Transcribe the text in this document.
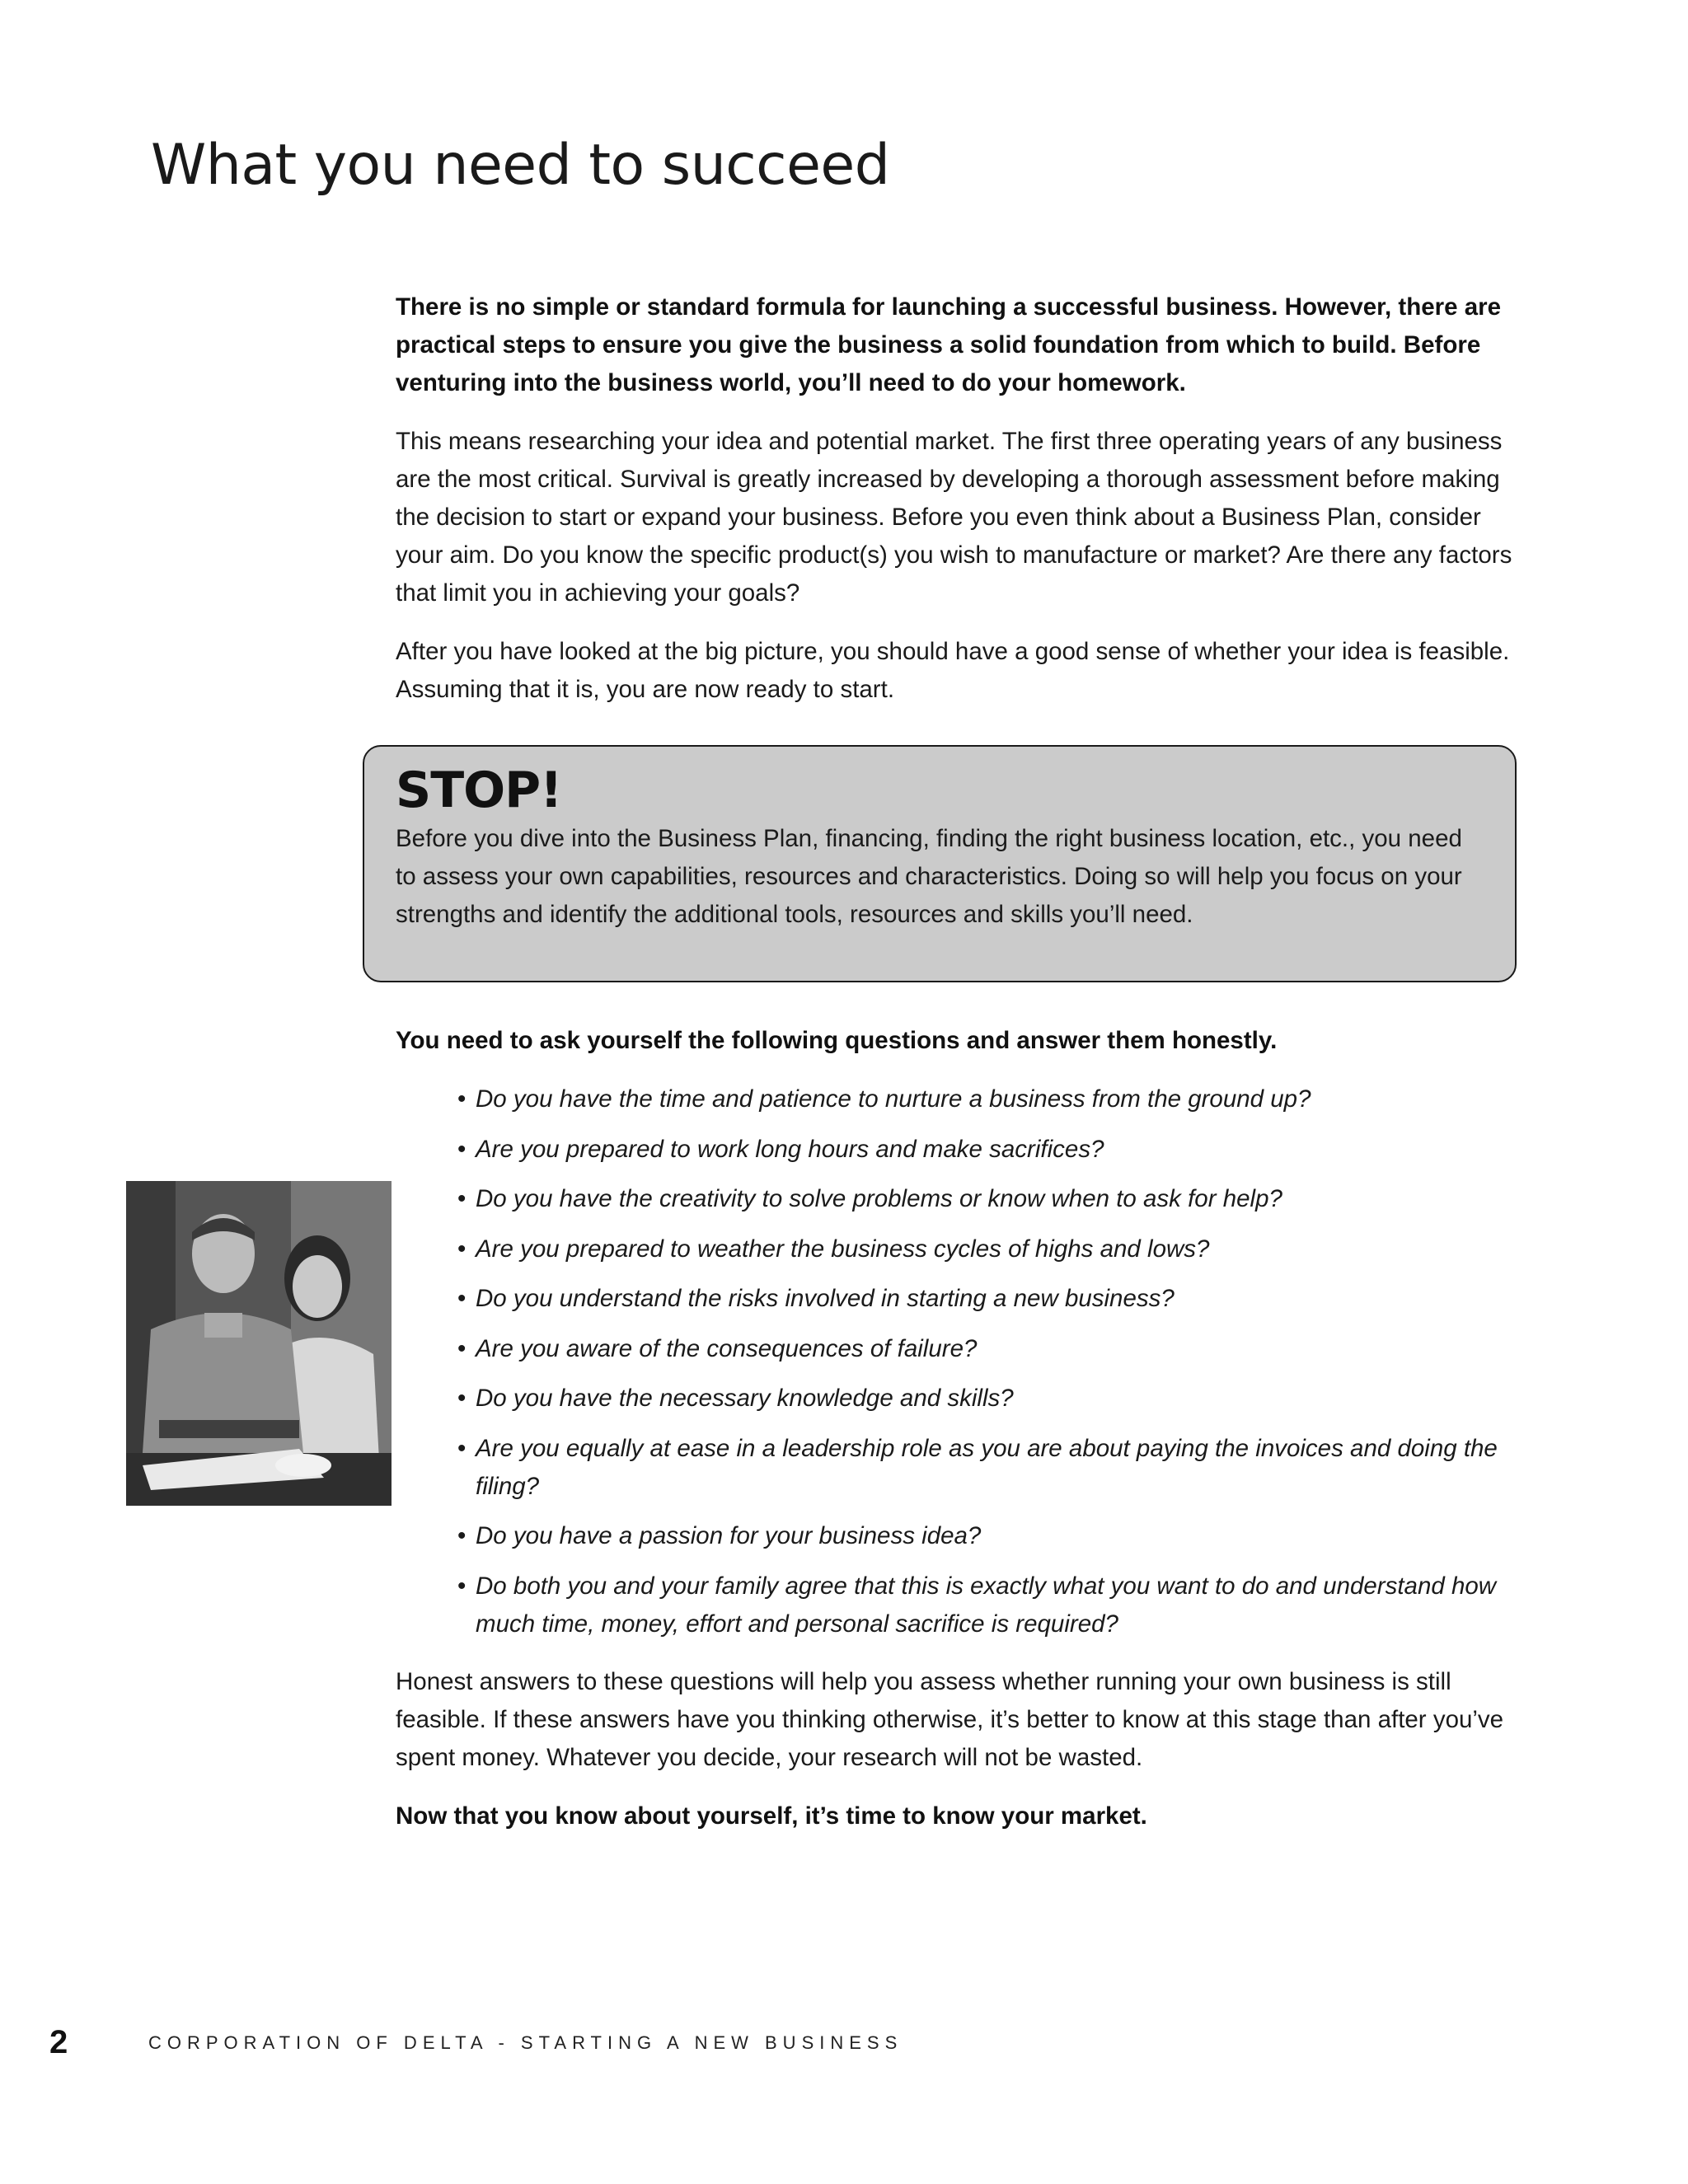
What you need to succeed

There is no simple or standard formula for launching a successful business. However, there are practical steps to ensure you give the business a solid foundation from which to build. Before venturing into the business world, you’ll need to do your homework.

This means researching your idea and potential market. The first three operating years of any business are the most critical. Survival is greatly increased by developing a thorough assessment before making the decision to start or expand your business. Before you even think about a Business Plan, consider your aim. Do you know the specific product(s) you wish to manufacture or market? Are there any factors that limit you in achieving your goals?

After you have looked at the big picture, you should have a good sense of whether your idea is feasible. Assuming that it is, you are now ready to start.

STOP!

Before you dive into the Business Plan, financing, finding the right business location, etc., you need to assess your own capabilities, resources and characteristics. Doing so will help you focus on your strengths and identify the additional tools, resources and skills you’ll need.

You need to ask yourself the following questions and answer them honestly.

• Do you have the time and patience to nurture a business from the ground up?
• Are you prepared to work long hours and make sacrifices?
• Do you have the creativity to solve problems or know when to ask for help?
• Are you prepared to weather the business cycles of highs and lows?
• Do you understand the risks involved in starting a new business?
• Are you aware of the consequences of failure?
• Do you have the necessary knowledge and skills?
• Are you equally at ease in a leadership role as you are about paying the invoices and doing the filing?
• Do you have a passion for your business idea?
• Do both you and your family agree that this is exactly what you want to do and understand how much time, money, effort and personal sacrifice is required?

Honest answers to these questions will help you assess whether running your own business is still feasible. If these answers have you thinking otherwise, it’s better to know at this stage than after you’ve spent money. Whatever you decide, your research will not be wasted.

Now that you know about yourself, it’s time to know your market.

2	CORPORATION OF DELTA - STARTING A NEW BUSINESS
